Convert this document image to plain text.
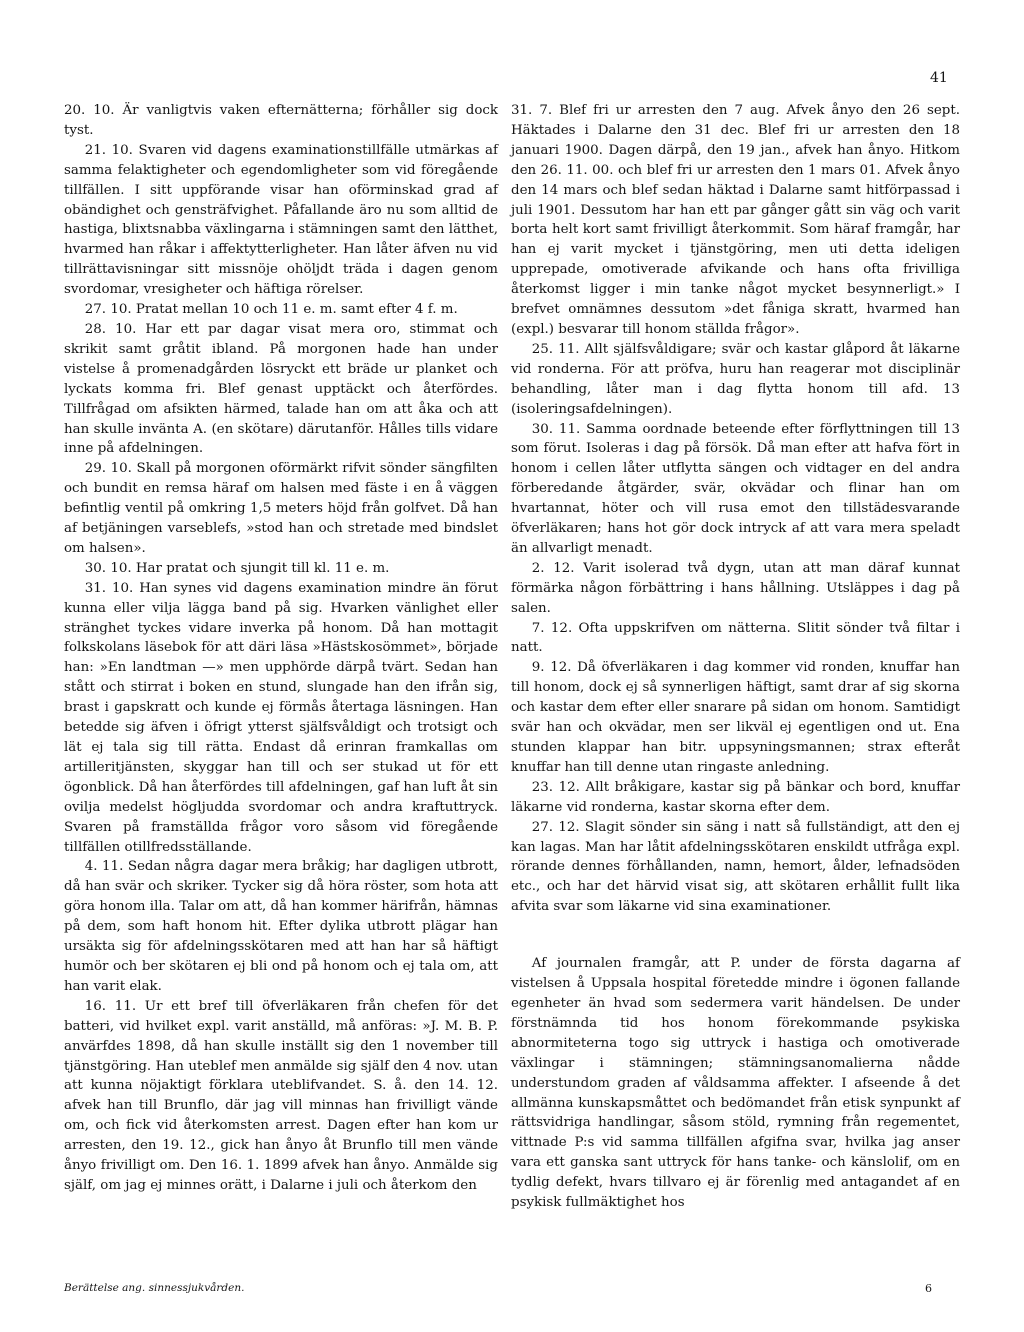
41

20. 10. Är vanligtvis vaken efternätterna; förhåller sig dock tyst.

21. 10. Svaren vid dagens examinationstillfälle utmärkas af samma felaktigheter och egendomligheter som vid föregående tillfällen. I sitt uppförande visar han oförminskad grad af obändighet och gensträfvighet. Påfallande äro nu som alltid de hastiga, blixtsnabba växlingarna i stämningen samt den lätthet, hvarmed han råkar i affektytterligheter. Han låter äfven nu vid tillrättavisningar sitt missnöje ohöljdt träda i dagen genom svordomar, vresigheter och häftiga rörelser.

27. 10. Pratat mellan 10 och 11 e. m. samt efter 4 f. m.

28. 10. Har ett par dagar visat mera oro, stimmat och skrikit samt gråtit ibland. På morgonen hade han under vistelse å promenadgården lösryckt ett bräde ur planket och lyckats komma fri. Blef genast upptäckt och återfördes. Tillfrågad om afsikten härmed, talade han om att åka och att han skulle invänta A. (en skötare) därutanför. Hålles tills vidare inne på afdelningen.

29. 10. Skall på morgonen oförmärkt rifvit sönder sängfilten och bundit en remsa häraf om halsen med fäste i en å väggen befintlig ventil på omkring 1,5 meters höjd från golfvet. Då han af betjäningen varseblefs, »stod han och stretade med bindslet om halsen».

30. 10. Har pratat och sjungit till kl. 11 e. m.

31. 10. Han synes vid dagens examination mindre än förut kunna eller vilja lägga band på sig. Hvarken vänlighet eller stränghet tyckes vidare inverka på honom. Då han mottagit folkskolans läsebok för att däri läsa »Hästskosömmet», började han: »En landtman —» men upphörde därpå tvärt. Sedan han stått och stirrat i boken en stund, slungade han den ifrån sig, brast i gapskratt och kunde ej förmås återtaga läsningen. Han betedde sig äfven i öfrigt ytterst själfsvåldigt och trotsigt och lät ej tala sig till rätta. Endast då erinran framkallas om artilleritjänsten, skyggar han till och ser stukad ut för ett ögonblick. Då han återfördes till afdelningen, gaf han luft åt sin ovilja medelst högljudda svordomar och andra kraftuttryck. Svaren på framställda frågor voro såsom vid föregående tillfällen otillfredsställande.

4. 11. Sedan några dagar mera bråkig; har dagligen utbrott, då han svär och skriker. Tycker sig då höra röster, som hota att göra honom illa. Talar om att, då han kommer härifrån, hämnas på dem, som haft honom hit. Efter dylika utbrott plägar han ursäkta sig för afdelningsskötaren med att han har så häftigt humör och ber skötaren ej bli ond på honom och ej tala om, att han varit elak.

16. 11. Ur ett bref till öfverläkaren från chefen för det batteri, vid hvilket expl. varit anställd, må anföras: »J. M. B. P. anvärfdes 1898, då han skulle inställt sig den 1 november till tjänstgöring. Han uteblef men anmälde sig själf den 4 nov. utan att kunna nöjaktigt förklara uteblifvandet. S. å. den 14. 12. afvek han till Brunflo, där jag vill minnas han frivilligt vände om, och fick vid återkomsten arrest. Dagen efter han kom ur arresten, den 19. 12., gick han ånyo åt Brunflo till men vände ånyo frivilligt om. Den 16. 1. 1899 afvek han ånyo. Anmälde sig själf, om jag ej minnes orätt, i Dalarne i juli och återkom den

31. 7. Blef fri ur arresten den 7 aug. Afvek ånyo den 26 sept. Häktades i Dalarne den 31 dec. Blef fri ur arresten den 18 januari 1900. Dagen därpå, den 19 jan., afvek han ånyo. Hitkom den 26. 11. 00. och blef fri ur arresten den 1 mars 01. Afvek ånyo den 14 mars och blef sedan häktad i Dalarne samt hitförpassad i juli 1901. Dessutom har han ett par gånger gått sin väg och varit borta helt kort samt frivilligt återkommit. Som häraf framgår, har han ej varit mycket i tjänstgöring, men uti detta ideligen upprepade, omotiverade afvikande och hans ofta frivilliga återkomst ligger i min tanke något mycket besynnerligt.» I brefvet omnämnes dessutom »det fåniga skratt, hvarmed han (expl.) besvarar till honom ställda frågor».

25. 11. Allt själfsvåldigare; svär och kastar glåpord åt läkarne vid ronderna. För att pröfva, huru han reagerar mot disciplinär behandling, låter man i dag flytta honom till afd. 13 (isoleringsafdelningen).

30. 11. Samma oordnade beteende efter förflyttningen till 13 som förut. Isoleras i dag på försök. Då man efter att hafva fört in honom i cellen låter utflytta sängen och vidtager en del andra förberedande åtgärder, svär, okvädar och flinar han om hvartannat, höter och vill rusa emot den tillstädesvarande öfverläkaren; hans hot gör dock intryck af att vara mera speladt än allvarligt menadt.

2. 12. Varit isolerad två dygn, utan att man däraf kunnat förmärka någon förbättring i hans hållning. Utsläppes i dag på salen.

7. 12. Ofta uppskrifven om nätterna. Slitit sönder två filtar i natt.

9. 12. Då öfverläkaren i dag kommer vid ronden, knuffar han till honom, dock ej så synnerligen häftigt, samt drar af sig skorna och kastar dem efter eller snarare på sidan om honom. Samtidigt svär han och okvädar, men ser likväl ej egentligen ond ut. Ena stunden klappar han bitr. uppsyningsmannen; strax efteråt knuffar han till denne utan ringaste anledning.

23. 12. Allt bråkigare, kastar sig på bänkar och bord, knuffar läkarne vid ronderna, kastar skorna efter dem.

27. 12. Slagit sönder sin säng i natt så fullständigt, att den ej kan lagas. Man har låtit afdelningsskötaren enskildt utfråga expl. rörande dennes förhållanden, namn, hemort, ålder, lefnadsöden etc., och har det härvid visat sig, att skötaren erhållit fullt lika afvita svar som läkarne vid sina examinationer.

Af journalen framgår, att P. under de första dagarna af vistelsen å Uppsala hospital företedde mindre i ögonen fallande egenheter än hvad som sedermera varit händelsen. De under förstnämnda tid hos honom förekommande psykiska abnormiteterna togo sig uttryck i hastiga och omotiverade växlingar i stämningen; stämningsanomalierna nådde understundom graden af våldsamma affekter. I afseende å det allmänna kunskapsmåttet och bedömandet från etisk synpunkt af rättsvidriga handlingar, såsom stöld, rymning från regementet, vittnade P:s vid samma tillfällen afgifna svar, hvilka jag anser vara ett ganska sant uttryck för hans tanke- och känslolif, om en tydlig defekt, hvars tillvaro ej är förenlig med antagandet af en psykisk fullmäktighet hos

Berättelse ang. sinnessjukvården.	6
